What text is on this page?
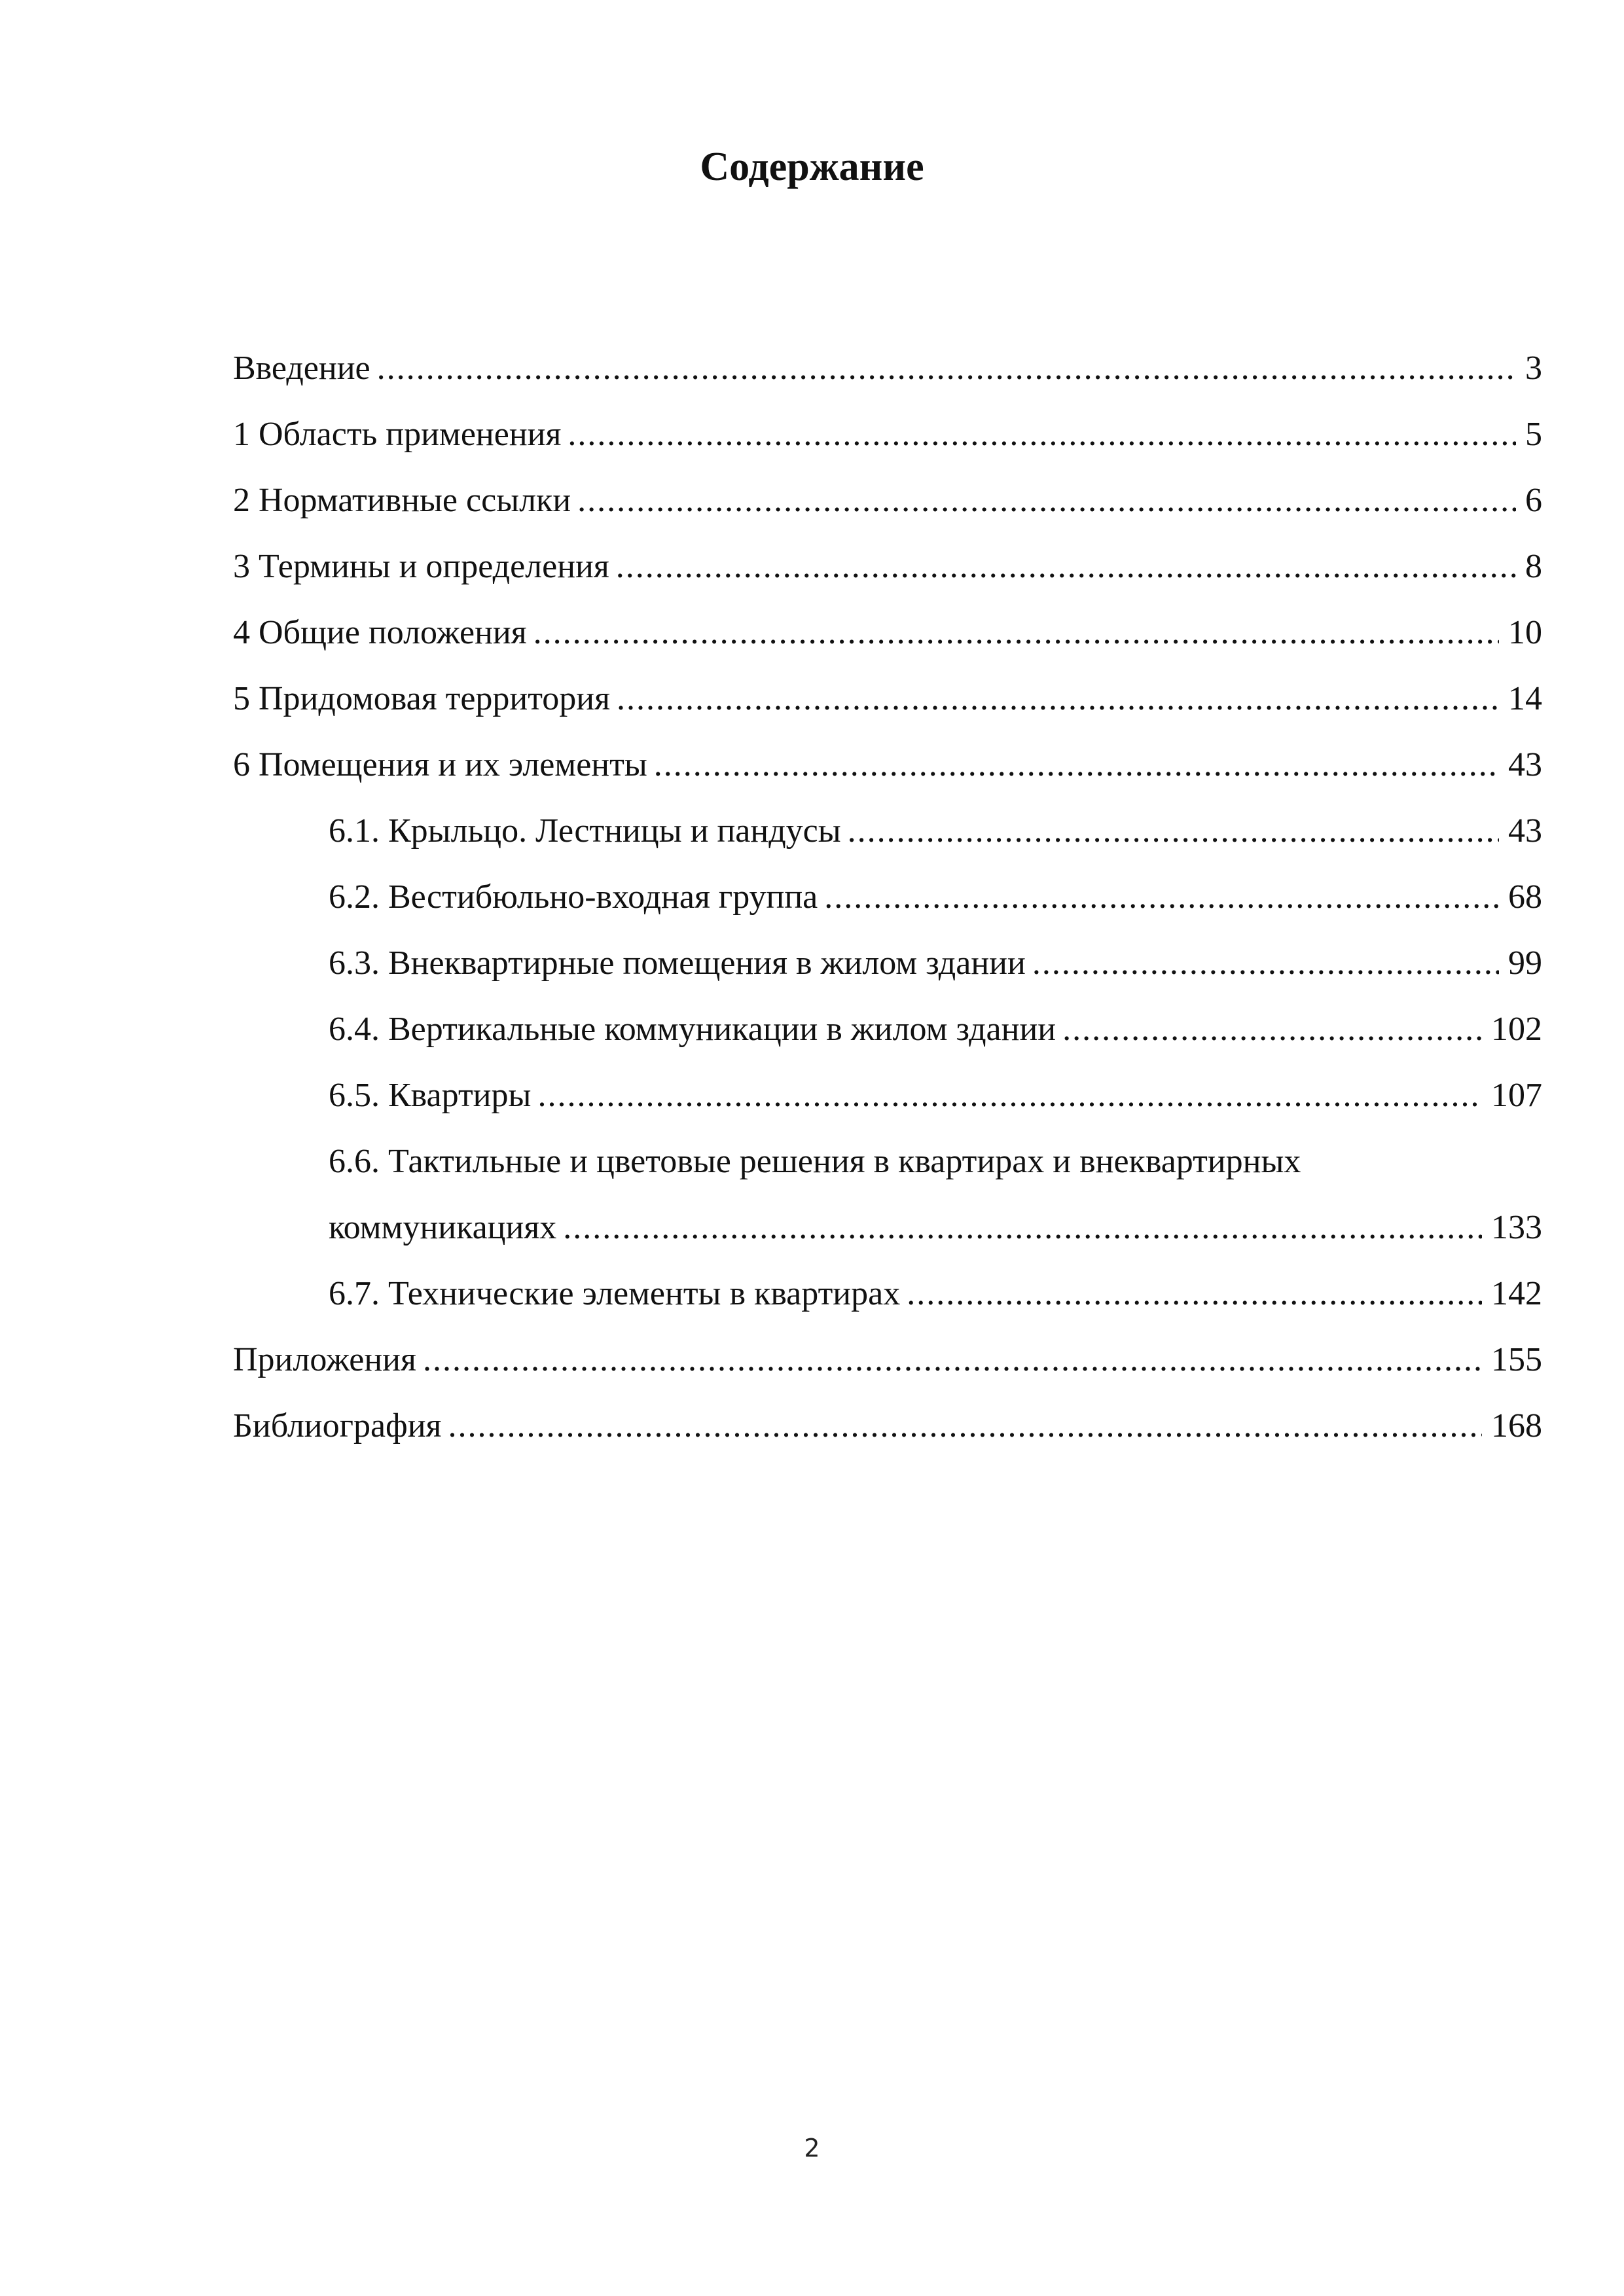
Содержание
Введение .....	3
1 Область применения .....	5
2 Нормативные ссылки .....	6
3 Термины и определения .....	8
4 Общие положения .....	10
5 Придомовая территория .....	14
6 Помещения и их элементы .....	43
6.1. Крыльцо. Лестницы и пандусы .....	43
6.2. Вестибюльно-входная группа .....	68
6.3. Внеквартирные помещения в жилом здании .....	99
6.4. Вертикальные коммуникации в жилом здании .....	102
6.5. Квартиры .....	107
6.6. Тактильные и цветовые решения в квартирах и внеквартирных
коммуникациях .....	133
6.7. Технические элементы в квартирах .....	142
Приложения .....	155
Библиография .....	168
2
